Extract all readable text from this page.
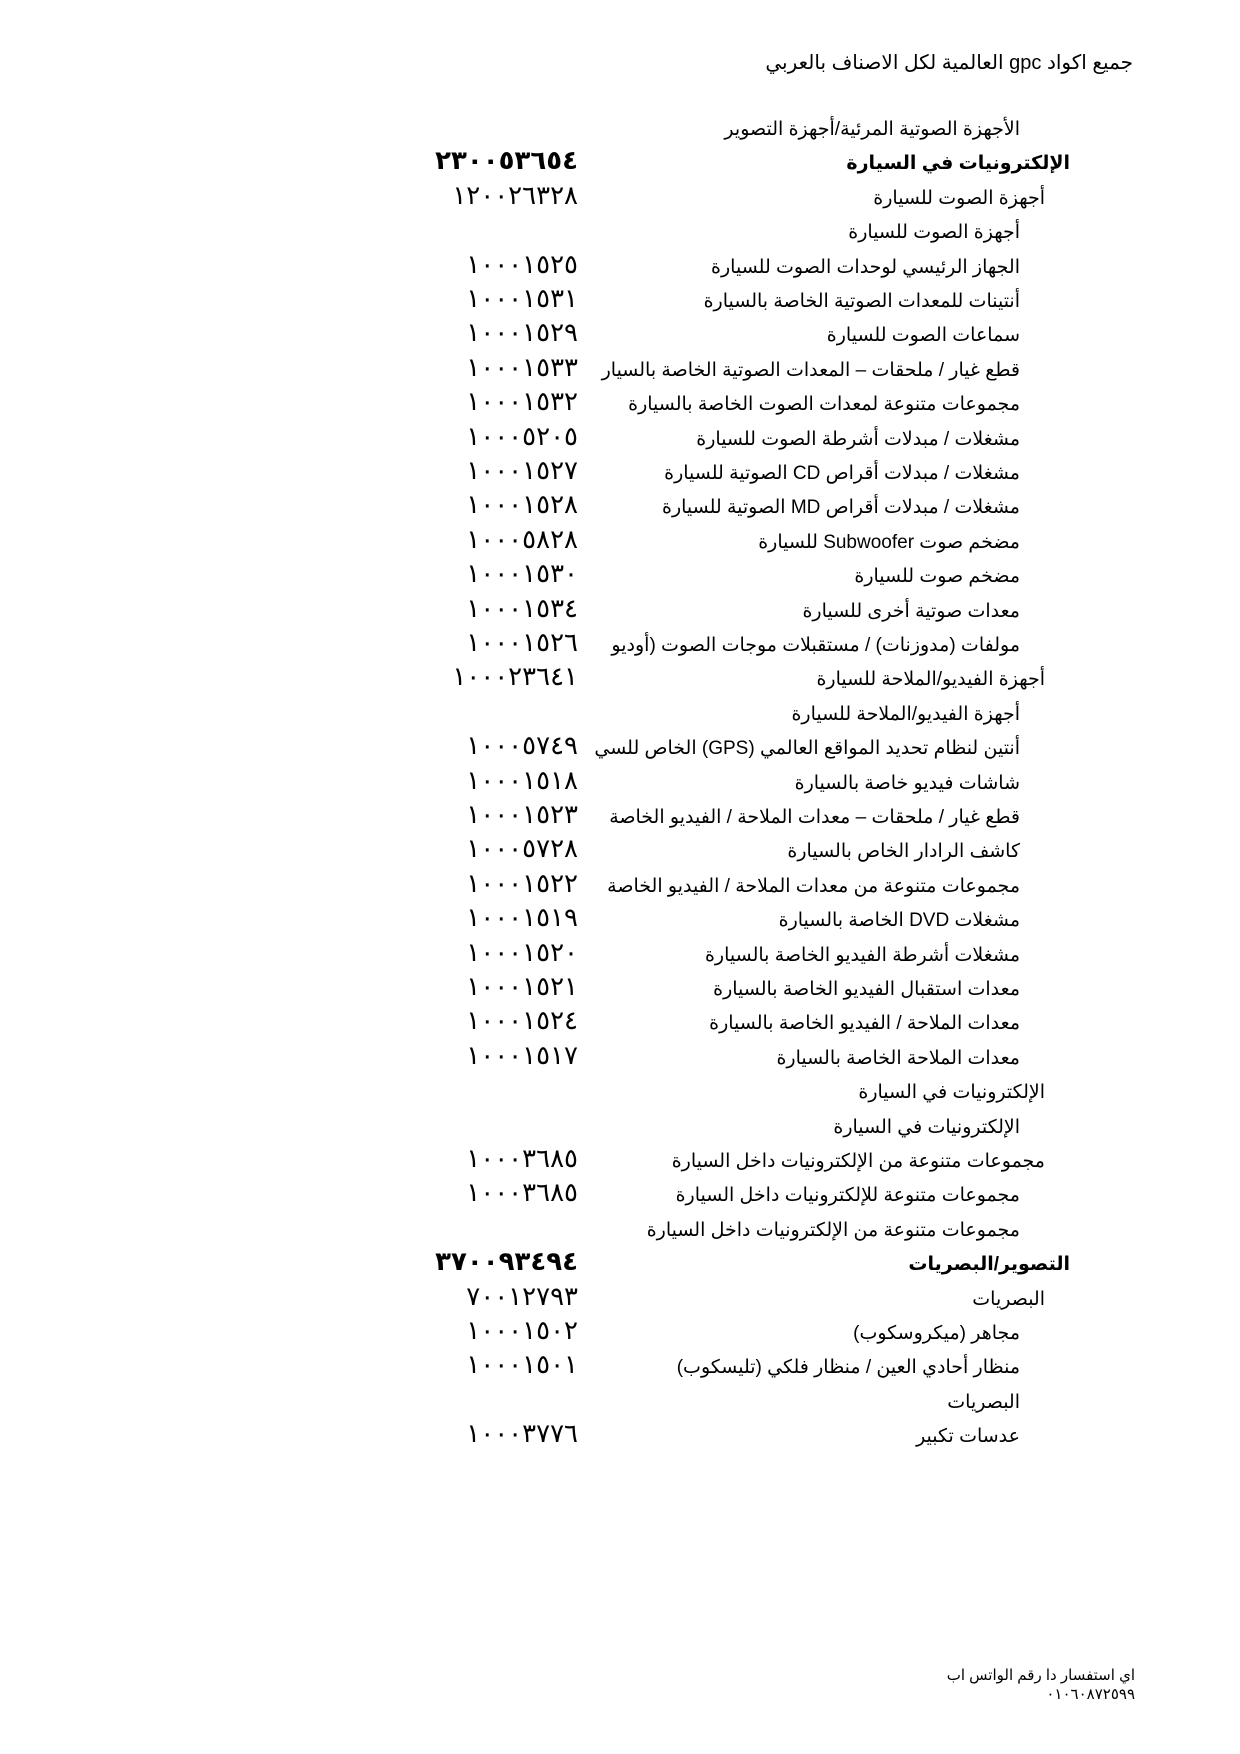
جميع اكواد gpc العالمية لكل الاصناف بالعربي
الأجهزة الصوتية المرئية/أجهزة التصوير
الإلكترونيات في السيارة
٢٣٠٠٥٣٦٥٤
أجهزة الصوت للسيارة
١٢٠٠٢٦٣٢٨
أجهزة الصوت للسيارة
الجهاز الرئيسي لوحدات الصوت للسيارة
١٠٠٠١٥٢٥
أنتينات للمعدات الصوتية الخاصة بالسيارة
١٠٠٠١٥٣١
سماعات الصوت للسيارة
١٠٠٠١٥٢٩
قطع غيار / ملحقات – المعدات الصوتية الخاصة بالسيار
١٠٠٠١٥٣٣
مجموعات متنوعة لمعدات الصوت الخاصة بالسيارة
١٠٠٠١٥٣٢
مشغلات / مبدلات أشرطة الصوت للسيارة
١٠٠٠٥٢٠٥
مشغلات / مبدلات أقراص CD الصوتية للسيارة
١٠٠٠١٥٢٧
مشغلات / مبدلات أقراص MD الصوتية للسيارة
١٠٠٠١٥٢٨
مضخم صوت Subwoofer للسيارة
١٠٠٠٥٨٢٨
مضخم صوت للسيارة
١٠٠٠١٥٣٠
معدات صوتية أخرى للسيارة
١٠٠٠١٥٣٤
مولفات (مدوزنات) / مستقبلات موجات الصوت (أوديو
١٠٠٠١٥٢٦
أجهزة الفيديو/الملاحة للسيارة
١٠٠٠٢٣٦٤١
أجهزة الفيديو/الملاحة للسيارة
أنتين لنظام تحديد المواقع العالمي (GPS) الخاص للسي
١٠٠٠٥٧٤٩
شاشات فيديو خاصة بالسيارة
١٠٠٠١٥١٨
قطع غيار / ملحقات – معدات الملاحة / الفيديو الخاصة
١٠٠٠١٥٢٣
كاشف الرادار الخاص بالسيارة
١٠٠٠٥٧٢٨
مجموعات متنوعة من معدات الملاحة / الفيديو الخاصة
١٠٠٠١٥٢٢
مشغلات DVD الخاصة بالسيارة
١٠٠٠١٥١٩
مشغلات أشرطة الفيديو الخاصة بالسيارة
١٠٠٠١٥٢٠
معدات استقبال الفيديو الخاصة بالسيارة
١٠٠٠١٥٢١
معدات الملاحة / الفيديو الخاصة بالسيارة
١٠٠٠١٥٢٤
معدات الملاحة الخاصة بالسيارة
١٠٠٠١٥١٧
الإلكترونيات في السيارة
الإلكترونيات في السيارة
مجموعات متنوعة من الإلكترونيات داخل السيارة
١٠٠٠٣٦٨٥
مجموعات متنوعة للإلكترونيات داخل السيارة
١٠٠٠٣٦٨٥
مجموعات متنوعة من الإلكترونيات داخل السيارة
التصوير/البصريات
٣٧٠٠٩٣٤٩٤
البصريات
٧٠٠١٢٧٩٣
مجاهر (ميكروسكوب)
١٠٠٠١٥٠٢
منظار أحادي العين / منظار فلكي (تليسكوب)
١٠٠٠١٥٠١
البصريات
عدسات تكبير
١٠٠٠٣٧٧٦
اي استفسار دا رقم الواتس اب
٠١٠٦٠٨٧٢٥٩٩
